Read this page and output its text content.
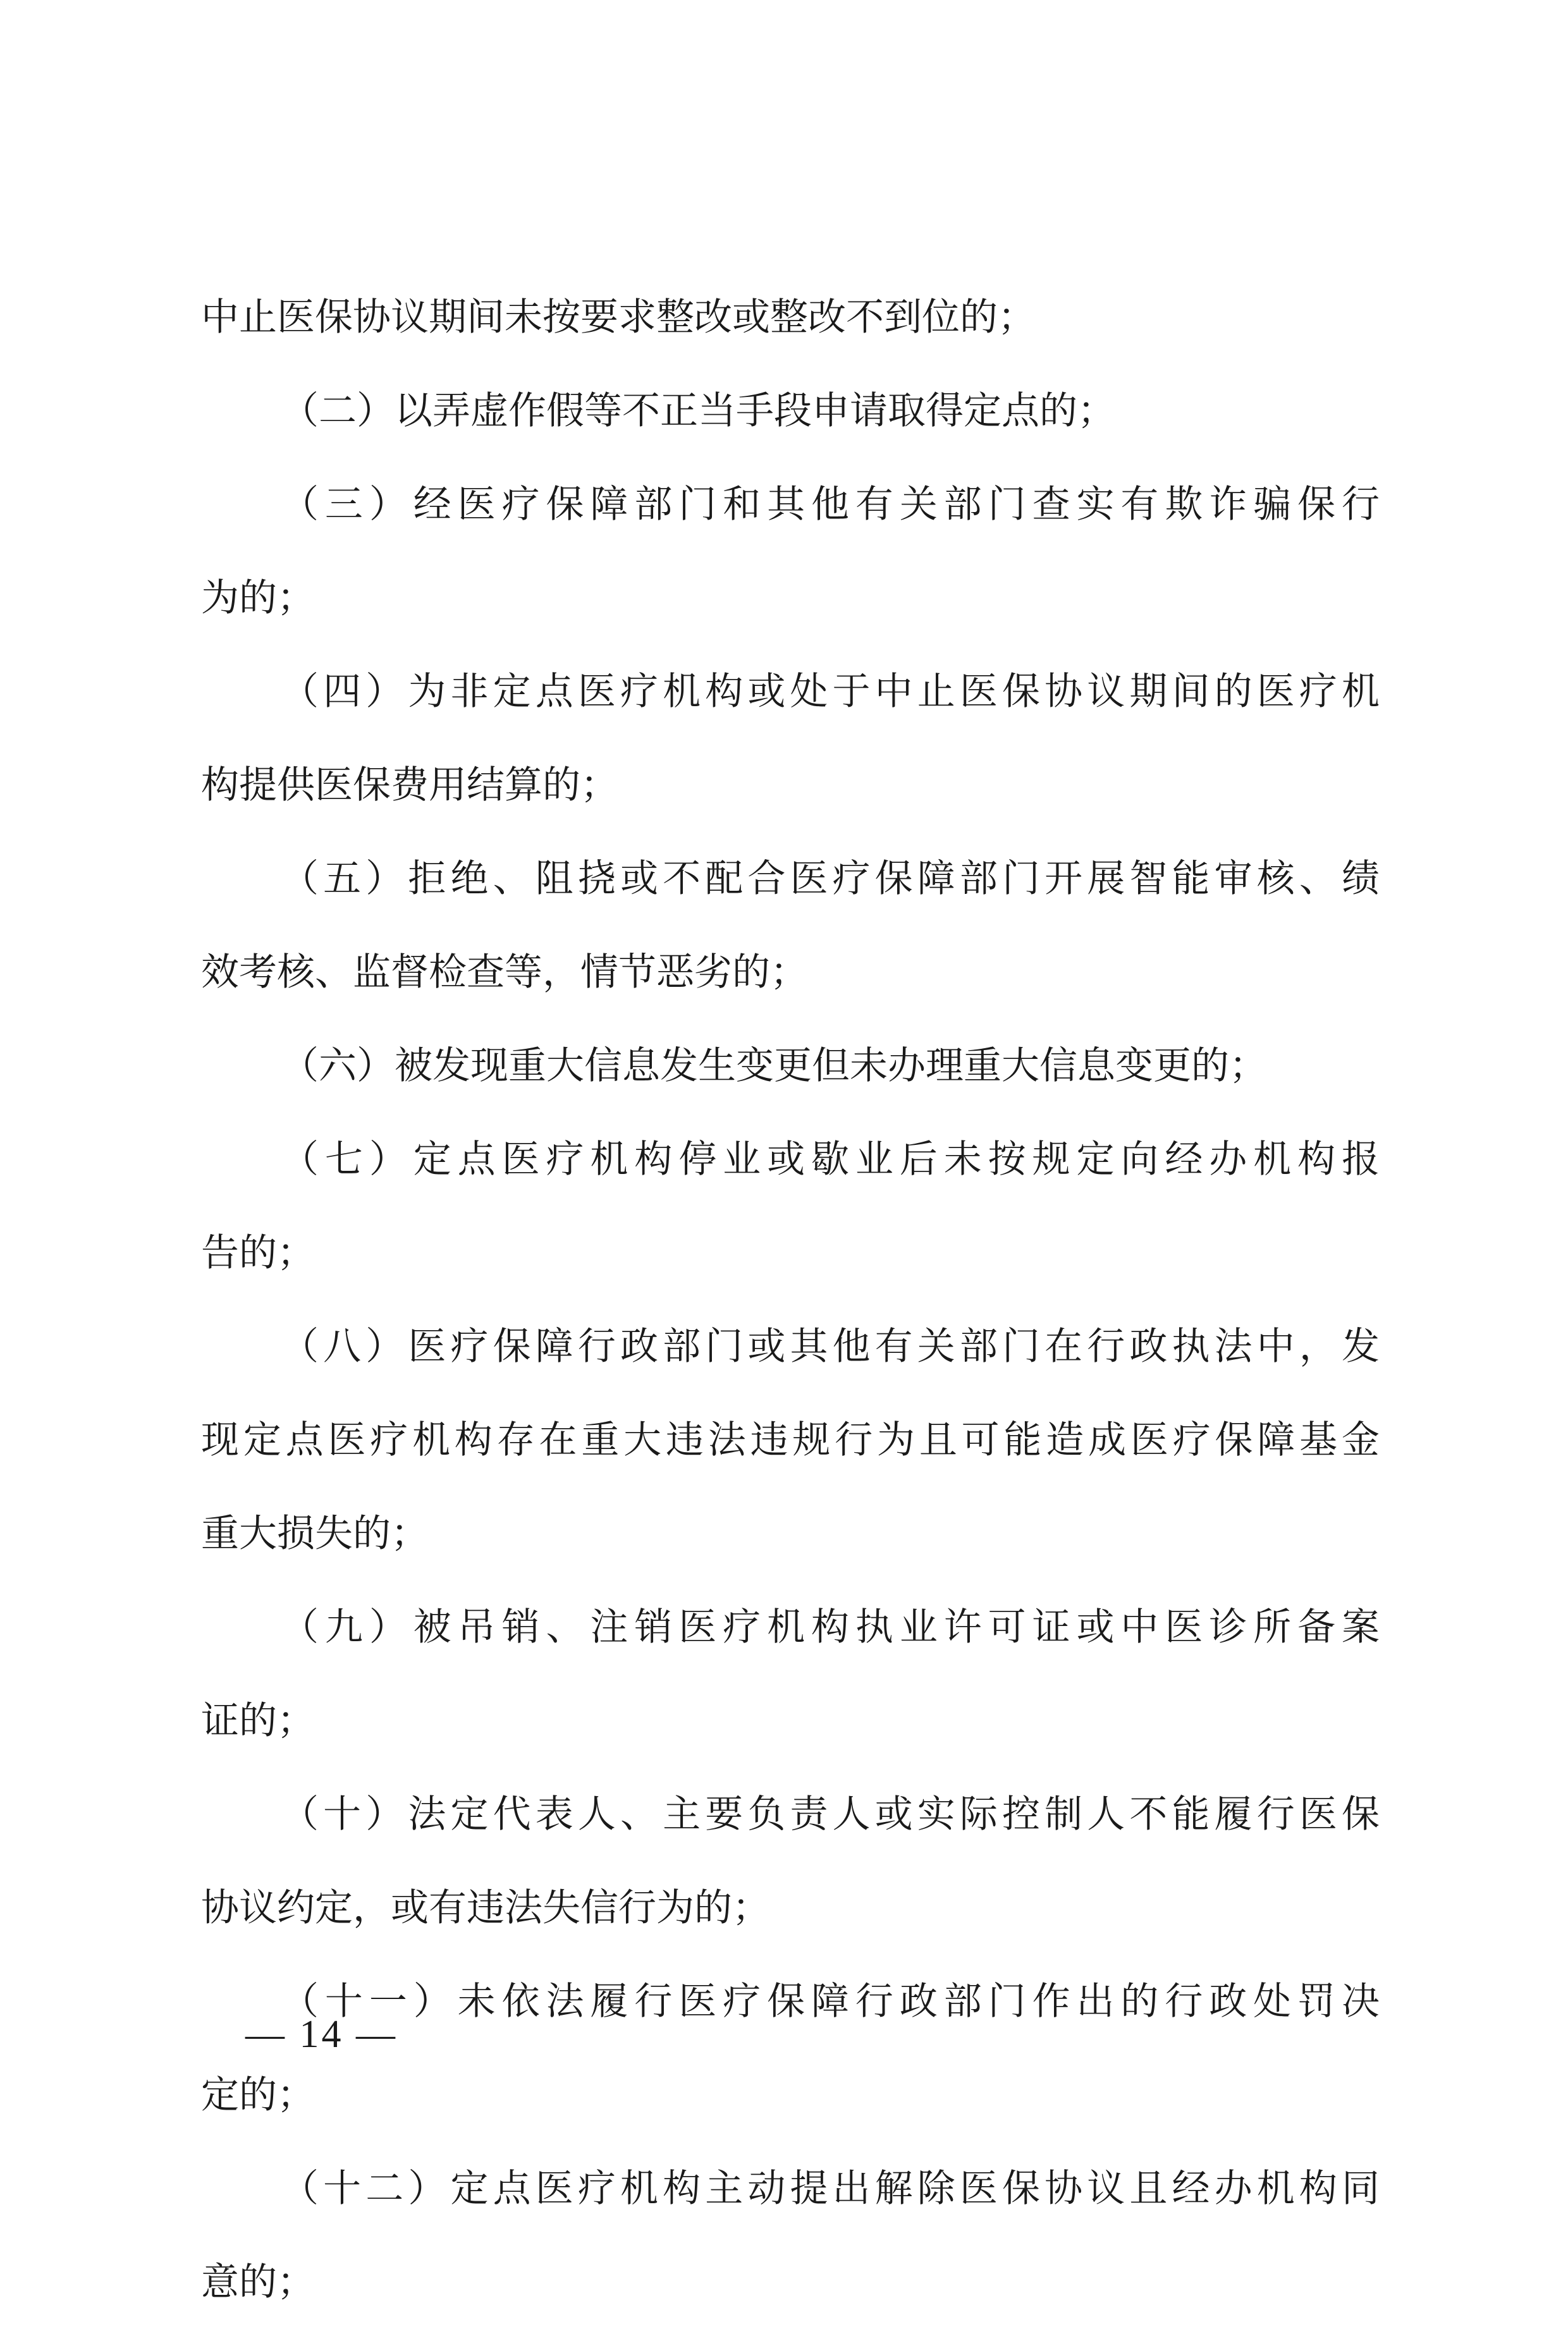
中止医保协议期间未按要求整改或整改不到位的；
（二）以弄虚作假等不正当手段申请取得定点的；
（三）经医疗保障部门和其他有关部门查实有欺诈骗保行
为的；
（四）为非定点医疗机构或处于中止医保协议期间的医疗机
构提供医保费用结算的；
（五）拒绝、阻挠或不配合医疗保障部门开展智能审核、绩
效考核、监督检查等，情节恶劣的；
（六）被发现重大信息发生变更但未办理重大信息变更的；
（七）定点医疗机构停业或歇业后未按规定向经办机构报
告的；
（八）医疗保障行政部门或其他有关部门在行政执法中，发
现定点医疗机构存在重大违法违规行为且可能造成医疗保障基金
重大损失的；
（九）被吊销、注销医疗机构执业许可证或中医诊所备案
证的；
（十）法定代表人、主要负责人或实际控制人不能履行医保
协议约定，或有违法失信行为的；
（十一）未依法履行医疗保障行政部门作出的行政处罚决
定的；
（十二）定点医疗机构主动提出解除医保协议且经办机构同
意的；
— 14 —
